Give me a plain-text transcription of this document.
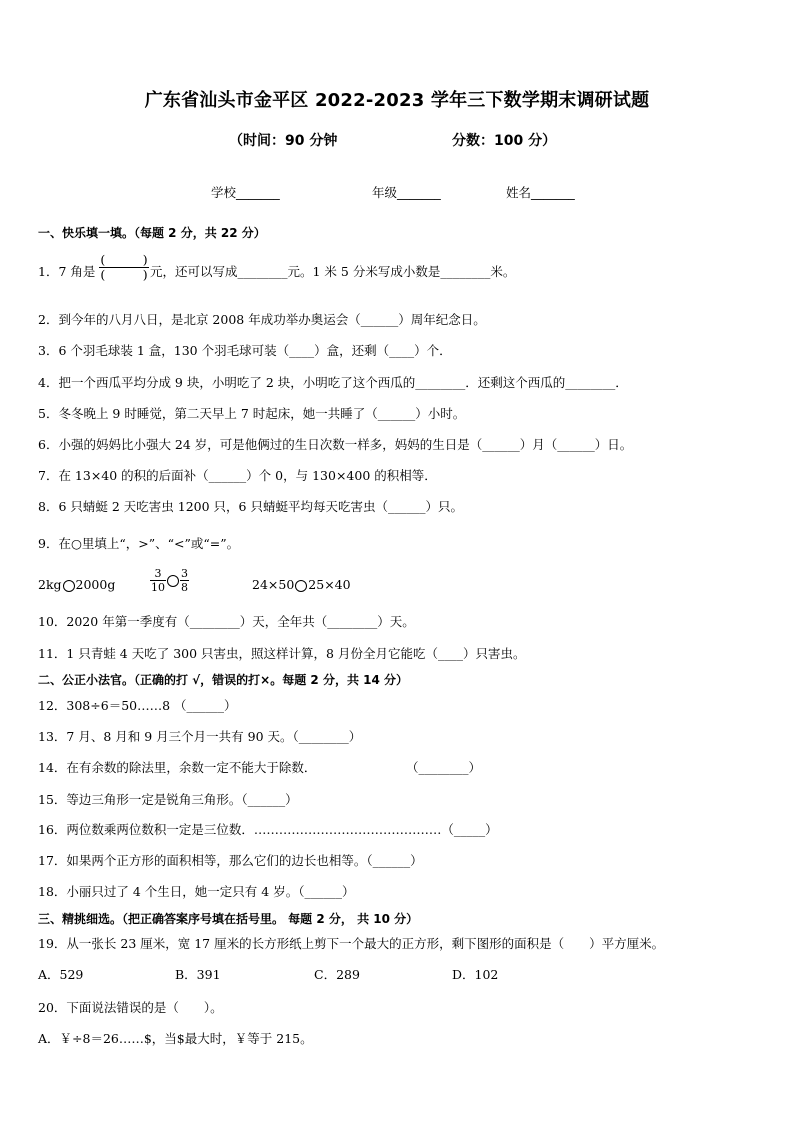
广东省汕头市金平区 2022-2023 学年三下数学期末调研试题
（时间：90 分钟	分数：100 分）
学校_______	年级_______	姓名_______
一、快乐填一填。（每题 2 分，共 22 分）
1．7 角是
(　　　)
(　　　) 元，还可以写成________元。1 米 5 分米写成小数是________米。
2．到今年的八月八日，是北京 2008 年成功举办奥运会（______）周年纪念日。
3．6 个羽毛球装 1 盒，130 个羽毛球可装（____）盒，还剩（____）个．
4．把一个西瓜平均分成 9 块，小明吃了 2 块，小明吃了这个西瓜的________．还剩这个西瓜的________．
5．冬冬晚上 9 时睡觉，第二天早上 7 时起床，她一共睡了（______）小时。
6．小强的妈妈比小强大 24 岁，可是他俩过的生日次数一样多，妈妈的生日是（______）月（______）日。
7．在 13×40 的积的后面补（______）个 0，与 130×400 的积相等．
8．6 只蜻蜓 2 天吃害虫 1200 只，6 只蜻蜓平均每天吃害虫（______）只。
9．在○里填上“，>”、“<”或“=”。
2kg 2000g	$\frac{3}{10} \frac{3}{8}$	24×50 25×40
10．2020 年第一季度有（________）天，全年共（________）天。
11．1 只青蛙 4 天吃了 300 只害虫，照这样计算，8 月份全月它能吃（____）只害虫。
二、公正小法官。（正确的打 √，错误的打×。每题 2 分，共 14 分）
12．308÷6＝50……8 （______）
13．7 月、8 月和 9 月三个月一共有 90 天。（________）
14．在有余数的除法里，余数一定不能大于除数．	（________）
15．等边三角形一定是锐角三角形。（______）
16．两位数乘两位数积一定是三位数．………………………………………（_____）
17．如果两个正方形的面积相等，那么它们的边长也相等。（______）
18．小丽只过了 4 个生日，她一定只有 4 岁。（______）
三、精挑细选。（把正确答案序号填在括号里。 每题 2 分， 共 10 分）
19．从一张长 23 厘米，宽 17 厘米的长方形纸上剪下一个最大的正方形，剩下图形的面积是（　　）平方厘米。
A．529	B．391	C．289	D．102
20．下面说法错误的是（　　）。
A．￥÷8＝26……$，当$最大时，￥等于 215。
